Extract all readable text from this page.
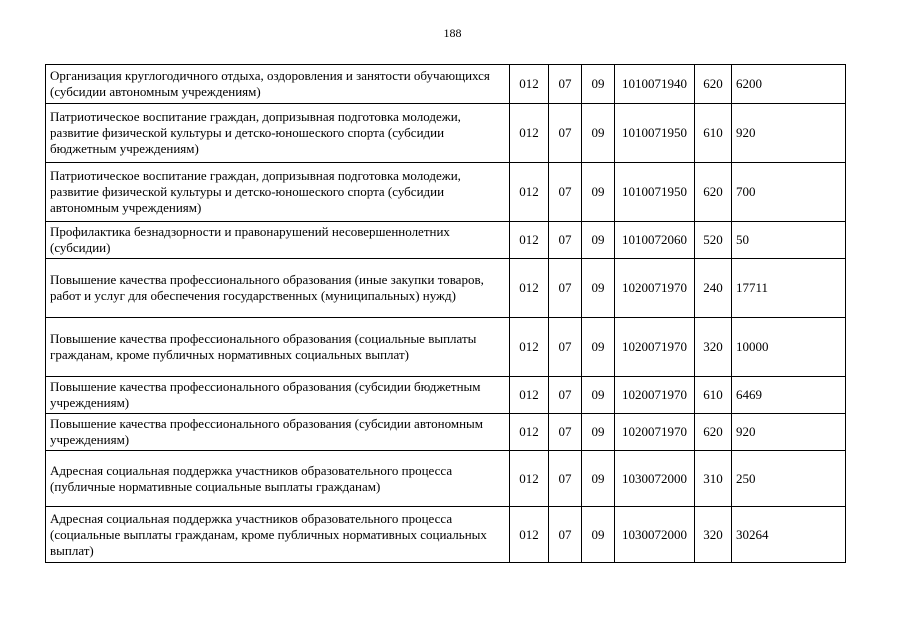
188
Организация круглогодичного отдыха, оздоровления и занятости обучающихся (субсидии автономным учреждениям)	012	07	09	1010071940	620	6200
Патриотическое воспитание граждан, допризывная подготовка молодежи, развитие физической культуры и детско-юношеского спорта (субсидии бюджетным учреждениям)	012	07	09	1010071950	610	920
Патриотическое воспитание граждан, допризывная подготовка молодежи, развитие физической культуры и детско-юношеского спорта (субсидии автономным учреждениям)	012	07	09	1010071950	620	700
Профилактика безнадзорности и правонарушений несовершеннолетних (субсидии)	012	07	09	1010072060	520	50
Повышение качества профессионального образования (иные закупки товаров, работ и услуг для обеспечения государственных (муниципальных) нужд)	012	07	09	1020071970	240	17711
Повышение качества профессионального образования (социальные выплаты гражданам, кроме публичных нормативных социальных выплат)	012	07	09	1020071970	320	10000
Повышение качества профессионального образования (субсидии бюджетным учреждениям)	012	07	09	1020071970	610	6469
Повышение качества профессионального образования (субсидии автономным учреждениям)	012	07	09	1020071970	620	920
Адресная социальная поддержка участников образовательного процесса (публичные нормативные социальные выплаты гражданам)	012	07	09	1030072000	310	250
Адресная социальная поддержка участников образовательного процесса (социальные выплаты гражданам, кроме публичных нормативных социальных выплат)	012	07	09	1030072000	320	30264
